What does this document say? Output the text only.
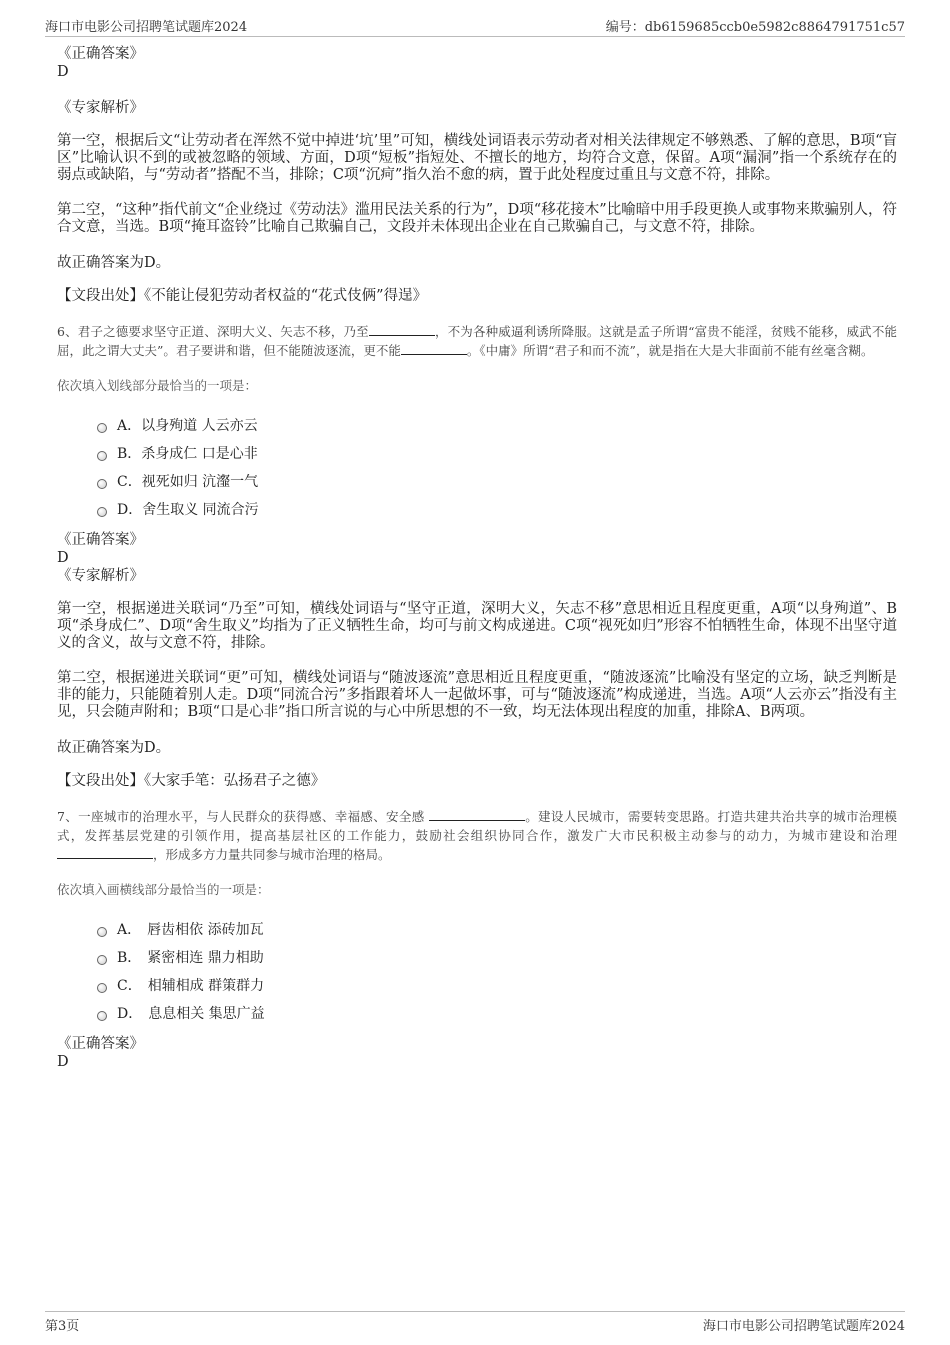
海口市电影公司招聘笔试题库2024	编号：db6159685ccb0e5982c8864791751c57

《正确答案》

D

《专家解析》

第一空，根据后文“让劳动者在浑然不觉中掉进‘坑’里”可知，横线处词语表示劳动者对相关法律规定不够熟悉、了解的意思，B项“盲区”比喻认识不到的或被忽略的领域、方面，D项“短板”指短处、不擅长的地方，均符合文意，保留。A项“漏洞”指一个系统存在的弱点或缺陷，与“劳动者”搭配不当，排除；C项“沉疴”指久治不愈的病，置于此处程度过重且与文意不符，排除。

第二空，“这种”指代前文“企业绕过《劳动法》滥用民法关系的行为”，D项“移花接木”比喻暗中用手段更换人或事物来欺骗别人，符合文意，当选。B项“掩耳盗铃”比喻自己欺骗自己，文段并未体现出企业在自己欺骗自己，与文意不符，排除。

故正确答案为D。

【文段出处】《不能让侵犯劳动者权益的“花式伎俩”得逞》

6、君子之德要求坚守正道、深明大义、矢志不移，乃至	，不为各种威逼利诱所降服。这就是孟子所谓“富贵不能淫，贫贱不能移，威武不能屈，此之谓大丈夫”。君子要讲和谐，但不能随波逐流，更不能	。《中庸》所谓“君子和而不流”，就是指在大是大非面前不能有丝毫含糊。

依次填入划线部分最恰当的一项是：

A． 以身殉道 人云亦云
B． 杀身成仁 口是心非
C． 视死如归 沆瀣一气
D． 舍生取义 同流合污

《正确答案》

D

《专家解析》

第一空，根据递进关联词“乃至”可知，横线处词语与“坚守正道，深明大义，矢志不移”意思相近且程度更重，A项“以身殉道”、B项“杀身成仁”、D项“舍生取义”均指为了正义牺牲生命，均可与前文构成递进。C项“视死如归”形容不怕牺牲生命，体现不出坚守道义的含义，故与文意不符，排除。

第二空，根据递进关联词“更”可知，横线处词语与“随波逐流”意思相近且程度更重，“随波逐流”比喻没有坚定的立场，缺乏判断是非的能力，只能随着别人走。D项“同流合污”多指跟着坏人一起做坏事，可与“随波逐流”构成递进，当选。A项“人云亦云”指没有主见，只会随声附和；B项“口是心非”指口所言说的与心中所思想的不一致，均无法体现出程度的加重，排除A、B两项。

故正确答案为D。

【文段出处】《大家手笔：弘扬君子之德》

7、一座城市的治理水平，与人民群众的获得感、幸福感、安全感	。建设人民城市，需要转变思路。打造共建共治共享的城市治理模式，发挥基层党建的引领作用，提高基层社区的工作能力，鼓励社会组织协同合作，激发广大市民积极主动参与的动力，为城市建设和治理 ，形成多方力量共同参与城市治理的格局。

依次填入画横线部分最恰当的一项是：

A． 唇齿相依 添砖加瓦
B． 紧密相连 鼎力相助
C． 相辅相成 群策群力
D． 息息相关 集思广益

《正确答案》

D

第3页	海口市电影公司招聘笔试题库2024
